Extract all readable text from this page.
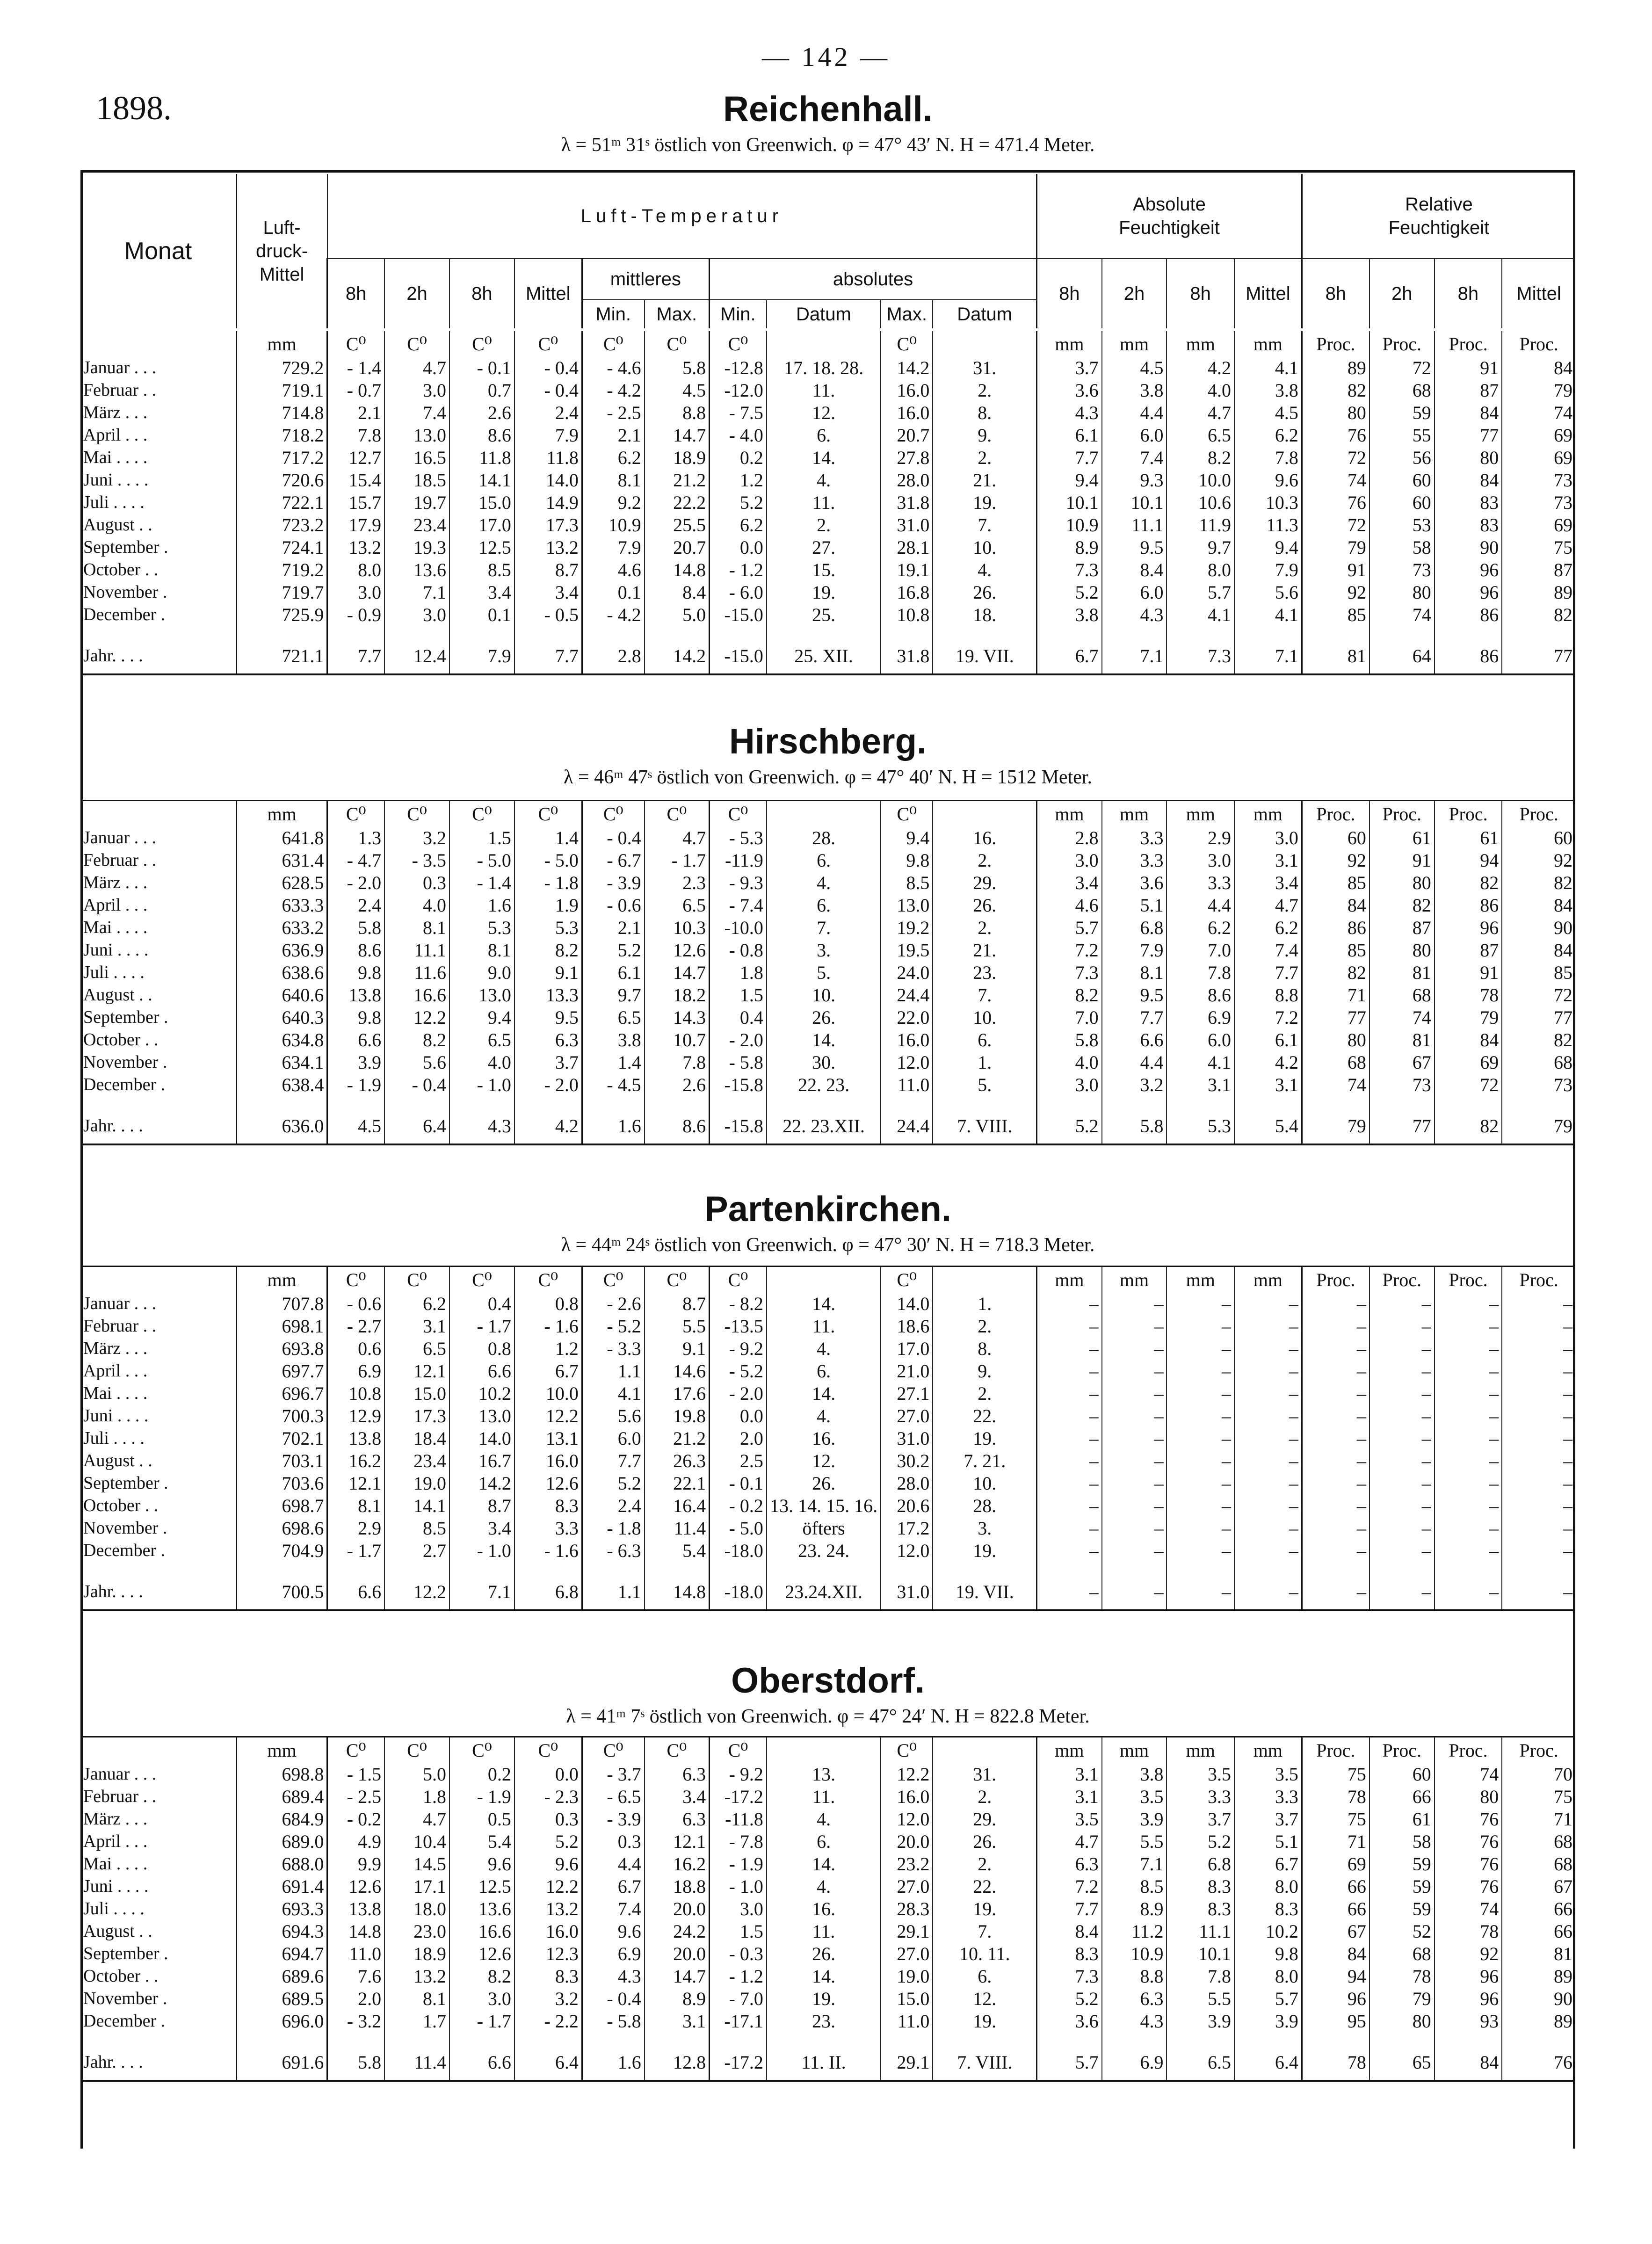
— 142 —
1898.	Reichenhall.

λ = 51ᵐ 31ˢ östlich von Greenwich. φ = 47° 43′ N. H = 471.4 Meter.

Monat	Luft-
druck-
Mittel	Luft-Temperatur										Absolute
Feuchtigkeit				Relative
Feuchtigkeit			
		8h	2h	8h	Mittel	mittleres		absolutes				8h	2h	8h	Mittel	8h	2h	8h	Mittel
						Min.	Max.	Min.	Datum	Max.	Datum								
	mm	C⁰	C⁰	C⁰	C⁰	C⁰	C⁰	C⁰		C⁰		mm	mm	mm	mm	Proc.	Proc.	Proc.	Proc.
Januar . . .	729.2	- 1.4	4.7	- 0.1	- 0.4	- 4.6	5.8	-12.8	17. 18. 28.	14.2	31.	3.7	4.5	4.2	4.1	89	72	91	84
Februar . .	719.1	- 0.7	3.0	0.7	- 0.4	- 4.2	4.5	-12.0	11.	16.0	2.	3.6	3.8	4.0	3.8	82	68	87	79
März . . .	714.8	2.1	7.4	2.6	2.4	- 2.5	8.8	- 7.5	12.	16.0	8.	4.3	4.4	4.7	4.5	80	59	84	74
April . . .	718.2	7.8	13.0	8.6	7.9	2.1	14.7	- 4.0	6.	20.7	9.	6.1	6.0	6.5	6.2	76	55	77	69
Mai . . . .	717.2	12.7	16.5	11.8	11.8	6.2	18.9	0.2	14.	27.8	2.	7.7	7.4	8.2	7.8	72	56	80	69
Juni . . . .	720.6	15.4	18.5	14.1	14.0	8.1	21.2	1.2	4.	28.0	21.	9.4	9.3	10.0	9.6	74	60	84	73
Juli . . . .	722.1	15.7	19.7	15.0	14.9	9.2	22.2	5.2	11.	31.8	19.	10.1	10.1	10.6	10.3	76	60	83	73
August . .	723.2	17.9	23.4	17.0	17.3	10.9	25.5	6.2	2.	31.0	7.	10.9	11.1	11.9	11.3	72	53	83	69
September .	724.1	13.2	19.3	12.5	13.2	7.9	20.7	0.0	27.	28.1	10.	8.9	9.5	9.7	9.4	79	58	90	75
October . .	719.2	8.0	13.6	8.5	8.7	4.6	14.8	- 1.2	15.	19.1	4.	7.3	8.4	8.0	7.9	91	73	96	87
November .	719.7	3.0	7.1	3.4	3.4	0.1	8.4	- 6.0	19.	16.8	26.	5.2	6.0	5.7	5.6	92	80	96	89
December .	725.9	- 0.9	3.0	0.1	- 0.5	- 4.2	5.0	-15.0	25.	10.8	18.	3.8	4.3	4.1	4.1	85	74	86	82

Jahr. . . .	721.1	7.7	12.4	7.9	7.7	2.8	14.2	-15.0	25. XII.	31.8	19. VII.	6.7	7.1	7.3	7.1	81	64	86	77
Hirschberg.

λ = 46ᵐ 47ˢ östlich von Greenwich. φ = 47° 40′ N. H = 1512 Meter.

	mm	C⁰	C⁰	C⁰	C⁰	C⁰	C⁰	C⁰		C⁰		mm	mm	mm	mm	Proc.	Proc.	Proc.	Proc.
Januar . . .	641.8	1.3	3.2	1.5	1.4	- 0.4	4.7	- 5.3	28.	9.4	16.	2.8	3.3	2.9	3.0	60	61	61	60
Februar . .	631.4	- 4.7	- 3.5	- 5.0	- 5.0	- 6.7	- 1.7	-11.9	6.	9.8	2.	3.0	3.3	3.0	3.1	92	91	94	92
März . . .	628.5	- 2.0	0.3	- 1.4	- 1.8	- 3.9	2.3	- 9.3	4.	8.5	29.	3.4	3.6	3.3	3.4	85	80	82	82
April . . .	633.3	2.4	4.0	1.6	1.9	- 0.6	6.5	- 7.4	6.	13.0	26.	4.6	5.1	4.4	4.7	84	82	86	84
Mai . . . .	633.2	5.8	8.1	5.3	5.3	2.1	10.3	-10.0	7.	19.2	2.	5.7	6.8	6.2	6.2	86	87	96	90
Juni . . . .	636.9	8.6	11.1	8.1	8.2	5.2	12.6	- 0.8	3.	19.5	21.	7.2	7.9	7.0	7.4	85	80	87	84
Juli . . . .	638.6	9.8	11.6	9.0	9.1	6.1	14.7	1.8	5.	24.0	23.	7.3	8.1	7.8	7.7	82	81	91	85
August . .	640.6	13.8	16.6	13.0	13.3	9.7	18.2	1.5	10.	24.4	7.	8.2	9.5	8.6	8.8	71	68	78	72
September .	640.3	9.8	12.2	9.4	9.5	6.5	14.3	0.4	26.	22.0	10.	7.0	7.7	6.9	7.2	77	74	79	77
October . .	634.8	6.6	8.2	6.5	6.3	3.8	10.7	- 2.0	14.	16.0	6.	5.8	6.6	6.0	6.1	80	81	84	82
November .	634.1	3.9	5.6	4.0	3.7	1.4	7.8	- 5.8	30.	12.0	1.	4.0	4.4	4.1	4.2	68	67	69	68
December .	638.4	- 1.9	- 0.4	- 1.0	- 2.0	- 4.5	2.6	-15.8	22. 23.	11.0	5.	3.0	3.2	3.1	3.1	74	73	72	73

Jahr. . . .	636.0	4.5	6.4	4.3	4.2	1.6	8.6	-15.8	22. 23.XII.	24.4	7. VIII.	5.2	5.8	5.3	5.4	79	77	82	79
Partenkirchen.

λ = 44ᵐ 24ˢ östlich von Greenwich. φ = 47° 30′ N. H = 718.3 Meter.

	mm	C⁰	C⁰	C⁰	C⁰	C⁰	C⁰	C⁰		C⁰		mm	mm	mm	mm	Proc.	Proc.	Proc.	Proc.
Januar . . .	707.8	- 0.6	6.2	0.4	0.8	- 2.6	8.7	- 8.2	14.	14.0	1.	–	–	–	–	–	–	–	–
Februar . .	698.1	- 2.7	3.1	- 1.7	- 1.6	- 5.2	5.5	-13.5	11.	18.6	2.	–	–	–	–	–	–	–	–
März . . .	693.8	0.6	6.5	0.8	1.2	- 3.3	9.1	- 9.2	4.	17.0	8.	–	–	–	–	–	–	–	–
April . . .	697.7	6.9	12.1	6.6	6.7	1.1	14.6	- 5.2	6.	21.0	9.	–	–	–	–	–	–	–	–
Mai . . . .	696.7	10.8	15.0	10.2	10.0	4.1	17.6	- 2.0	14.	27.1	2.	–	–	–	–	–	–	–	–
Juni . . . .	700.3	12.9	17.3	13.0	12.2	5.6	19.8	0.0	4.	27.0	22.	–	–	–	–	–	–	–	–
Juli . . . .	702.1	13.8	18.4	14.0	13.1	6.0	21.2	2.0	16.	31.0	19.	–	–	–	–	–	–	–	–
August . .	703.1	16.2	23.4	16.7	16.0	7.7	26.3	2.5	12.	30.2	7. 21.	–	–	–	–	–	–	–	–
September .	703.6	12.1	19.0	14.2	12.6	5.2	22.1	- 0.1	26.	28.0	10.	–	–	–	–	–	–	–	–
October . .	698.7	8.1	14.1	8.7	8.3	2.4	16.4	- 0.2	13. 14. 15. 16.	20.6	28.	–	–	–	–	–	–	–	–
November .	698.6	2.9	8.5	3.4	3.3	- 1.8	11.4	- 5.0	öfters	17.2	3.	–	–	–	–	–	–	–	–
December .	704.9	- 1.7	2.7	- 1.0	- 1.6	- 6.3	5.4	-18.0	23. 24.	12.0	19.	–	–	–	–	–	–	–	–

Jahr. . . .	700.5	6.6	12.2	7.1	6.8	1.1	14.8	-18.0	23.24.XII.	31.0	19. VII.	–	–	–	–	–	–	–	–
Oberstdorf.

λ = 41ᵐ 7ˢ östlich von Greenwich. φ = 47° 24′ N. H = 822.8 Meter.

	mm	C⁰	C⁰	C⁰	C⁰	C⁰	C⁰	C⁰		C⁰		mm	mm	mm	mm	Proc.	Proc.	Proc.	Proc.
Januar . . .	698.8	- 1.5	5.0	0.2	0.0	- 3.7	6.3	- 9.2	13.	12.2	31.	3.1	3.8	3.5	3.5	75	60	74	70
Februar . .	689.4	- 2.5	1.8	- 1.9	- 2.3	- 6.5	3.4	-17.2	11.	16.0	2.	3.1	3.5	3.3	3.3	78	66	80	75
März . . .	684.9	- 0.2	4.7	0.5	0.3	- 3.9	6.3	-11.8	4.	12.0	29.	3.5	3.9	3.7	3.7	75	61	76	71
April . . .	689.0	4.9	10.4	5.4	5.2	0.3	12.1	- 7.8	6.	20.0	26.	4.7	5.5	5.2	5.1	71	58	76	68
Mai . . . .	688.0	9.9	14.5	9.6	9.6	4.4	16.2	- 1.9	14.	23.2	2.	6.3	7.1	6.8	6.7	69	59	76	68
Juni . . . .	691.4	12.6	17.1	12.5	12.2	6.7	18.8	- 1.0	4.	27.0	22.	7.2	8.5	8.3	8.0	66	59	76	67
Juli . . . .	693.3	13.8	18.0	13.6	13.2	7.4	20.0	3.0	16.	28.3	19.	7.7	8.9	8.3	8.3	66	59	74	66
August . .	694.3	14.8	23.0	16.6	16.0	9.6	24.2	1.5	11.	29.1	7.	8.4	11.2	11.1	10.2	67	52	78	66
September .	694.7	11.0	18.9	12.6	12.3	6.9	20.0	- 0.3	26.	27.0	10. 11.	8.3	10.9	10.1	9.8	84	68	92	81
October . .	689.6	7.6	13.2	8.2	8.3	4.3	14.7	- 1.2	14.	19.0	6.	7.3	8.8	7.8	8.0	94	78	96	89
November .	689.5	2.0	8.1	3.0	3.2	- 0.4	8.9	- 7.0	19.	15.0	12.	5.2	6.3	5.5	5.7	96	79	96	90
December .	696.0	- 3.2	1.7	- 1.7	- 2.2	- 5.8	3.1	-17.1	23.	11.0	19.	3.6	4.3	3.9	3.9	95	80	93	89

Jahr. . . .	691.6	5.8	11.4	6.6	6.4	1.6	12.8	-17.2	11. II.	29.1	7. VIII.	5.7	6.9	6.5	6.4	78	65	84	76
